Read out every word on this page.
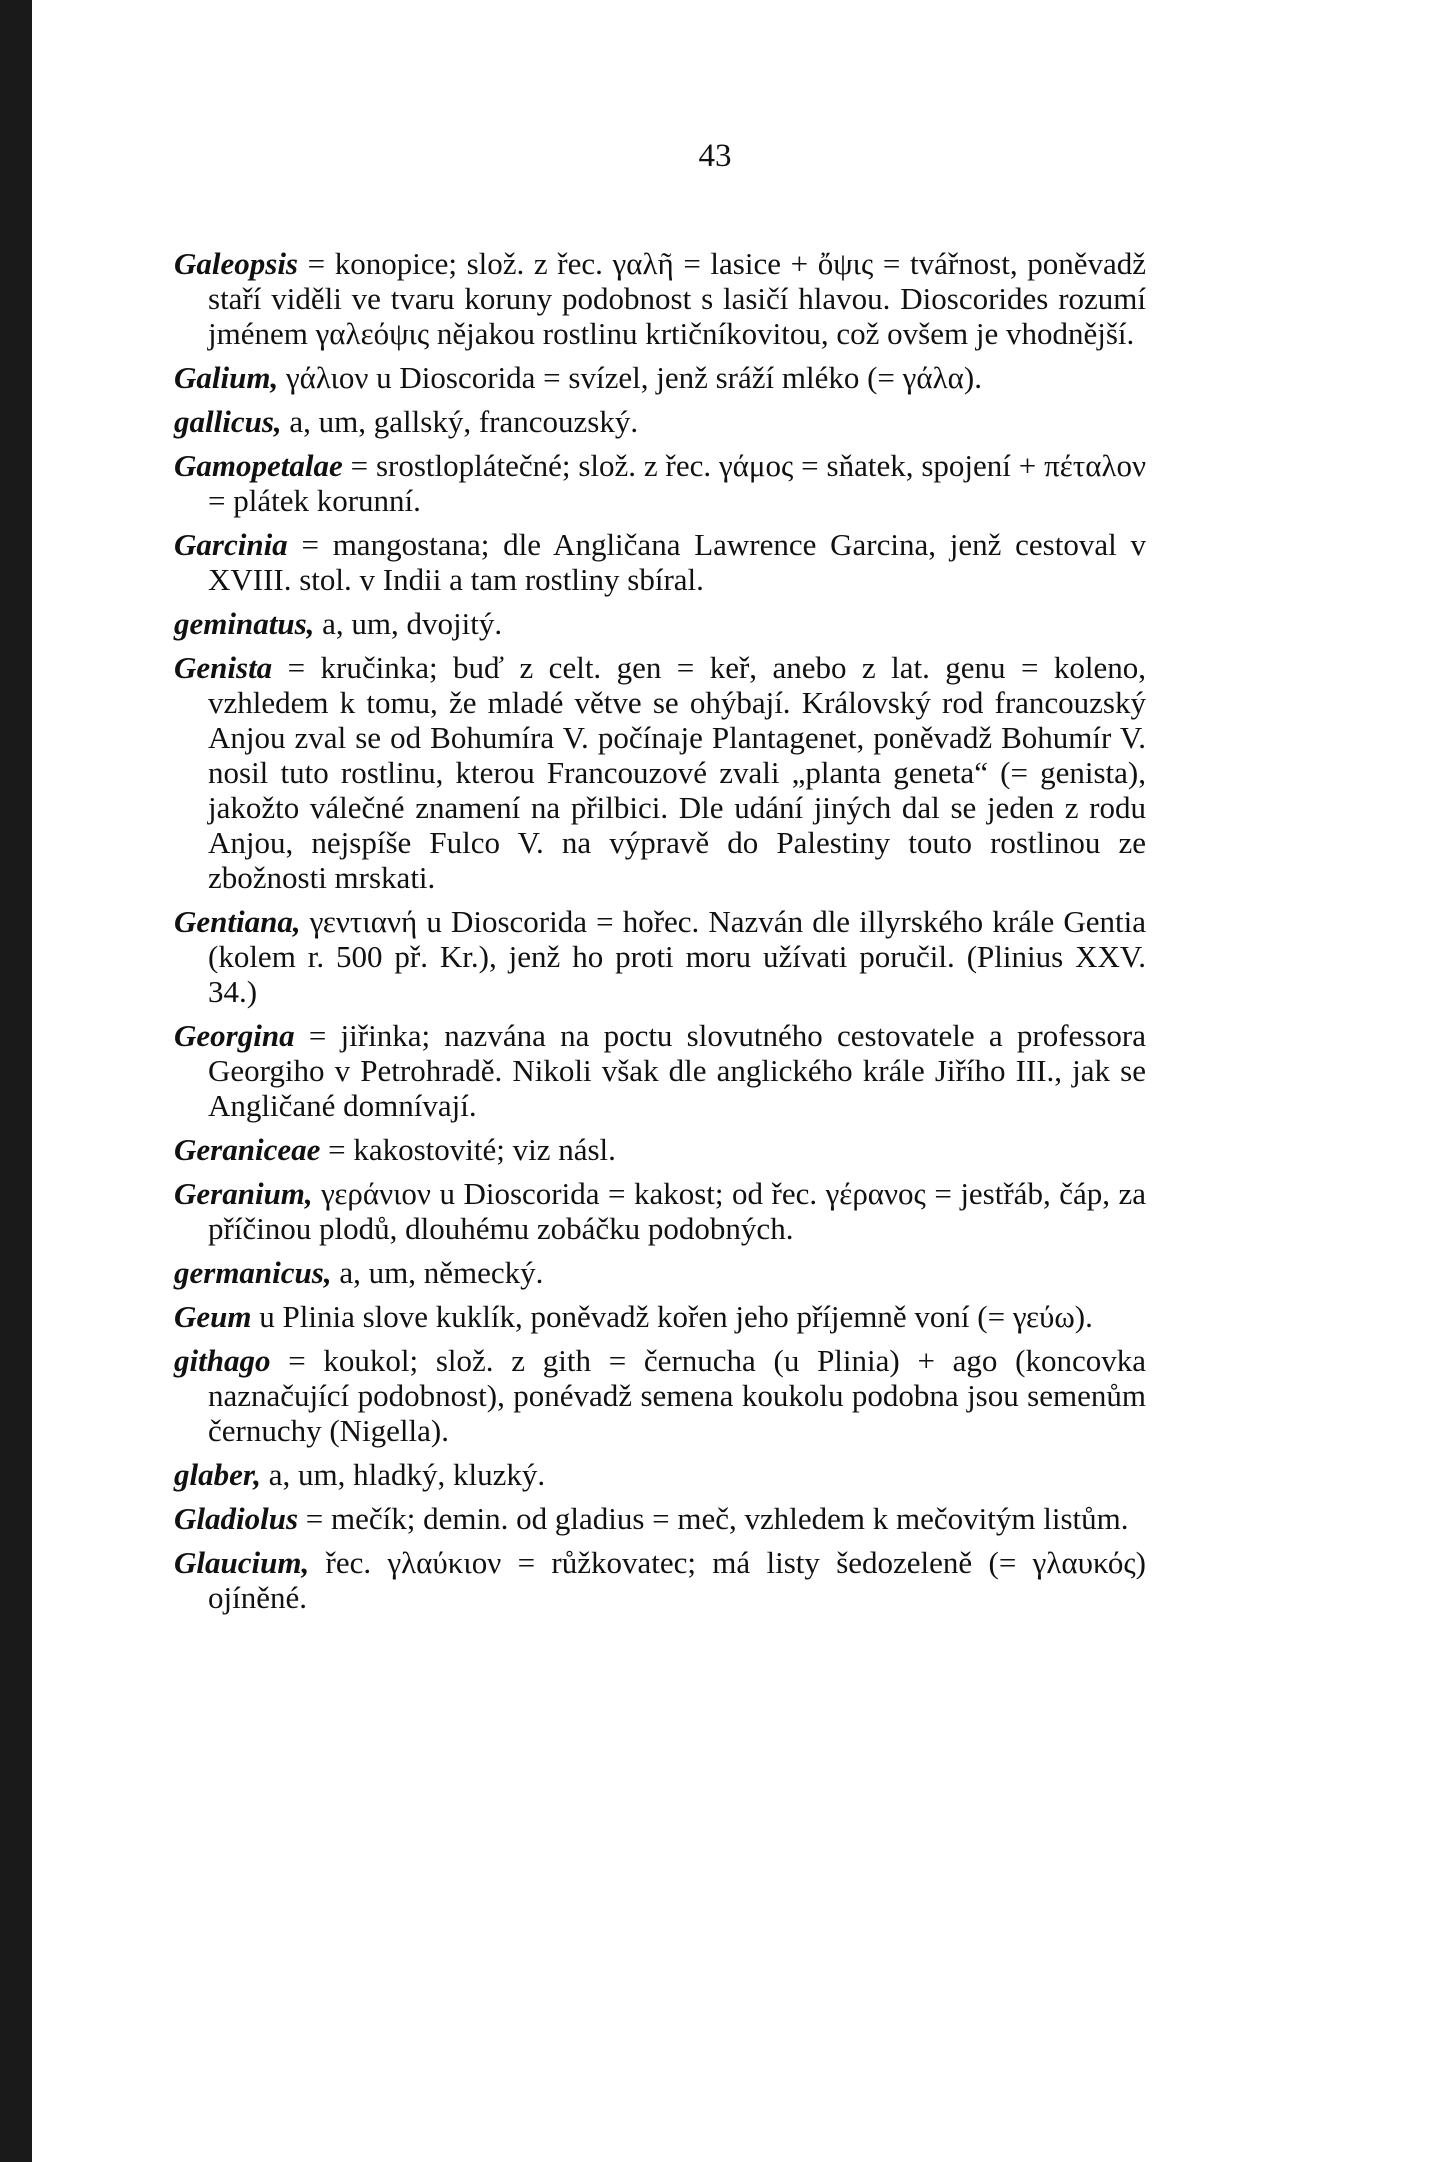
43

Galeopsis = konopice; slož. z řec. γαλῆ = lasice + ὄψις = tvářnost, poněvadž staří viděli ve tvaru koruny podobnost s lasičí hlavou. Dioscorides rozumí jménem γαλεόψις nějakou rostlinu krtičníkovitou, což ovšem je vhodnější.

Galium, γάλιον u Dioscorida = svízel, jenž sráží mléko (= γάλα).

gallicus, a, um, gallský, francouzský.

Gamopetalae = srostloplátečné; slož. z řec. γάμος = sňatek, spojení + πέταλον = plátek korunní.

Garcinia = mangostana; dle Angličana Lawrence Garcina, jenž cestoval v XVIII. stol. v Indii a tam rostliny sbíral.

geminatus, a, um, dvojitý.

Genista = kručinka; buď z celt. gen = keř, anebo z lat. genu = koleno, vzhledem k tomu, že mladé větve se ohýbají. Královský rod francouzský Anjou zval se od Bohumíra V. počínaje Plantagenet, poněvadž Bohumír V. nosil tuto rostlinu, kterou Francouzové zvali „planta geneta“ (= genista), jakožto válečné znamení na přilbici. Dle udání jiných dal se jeden z rodu Anjou, nejspíše Fulco V. na výpravě do Palestiny touto rostlinou ze zbožnosti mrskati.

Gentiana, γεντιανή u Dioscorida = hořec. Nazván dle illyrského krále Gentia (kolem r. 500 př. Kr.), jenž ho proti moru užívati poručil. (Plinius XXV. 34.)

Georgina = jiřinka; nazvána na poctu slovutného cestovatele a professora Georgiho v Petrohradě. Nikoli však dle anglického krále Jiřího III., jak se Angličané domnívají.

Geraniceae = kakostovité; viz násl.

Geranium, γεράνιον u Dioscorida = kakost; od řec. γέρανος = jestřáb, čáp, za příčinou plodů, dlouhému zobáčku podobných.

germanicus, a, um, německý.

Geum u Plinia slove kuklík, poněvadž kořen jeho příjemně voní (= γεύω).

githago = koukol; slož. z gith = černucha (u Plinia) + ago (koncovka naznačující podobnost), ponévadž semena koukolu podobna jsou semenům černuchy (Nigella).

glaber, a, um, hladký, kluzký.

Gladiolus = mečík; demin. od gladius = meč, vzhledem k mečovitým listům.

Glaucium, řec. γλαύκιον = růžkovatec; má listy šedozeleně (= γλαυκός) ojíněné.
